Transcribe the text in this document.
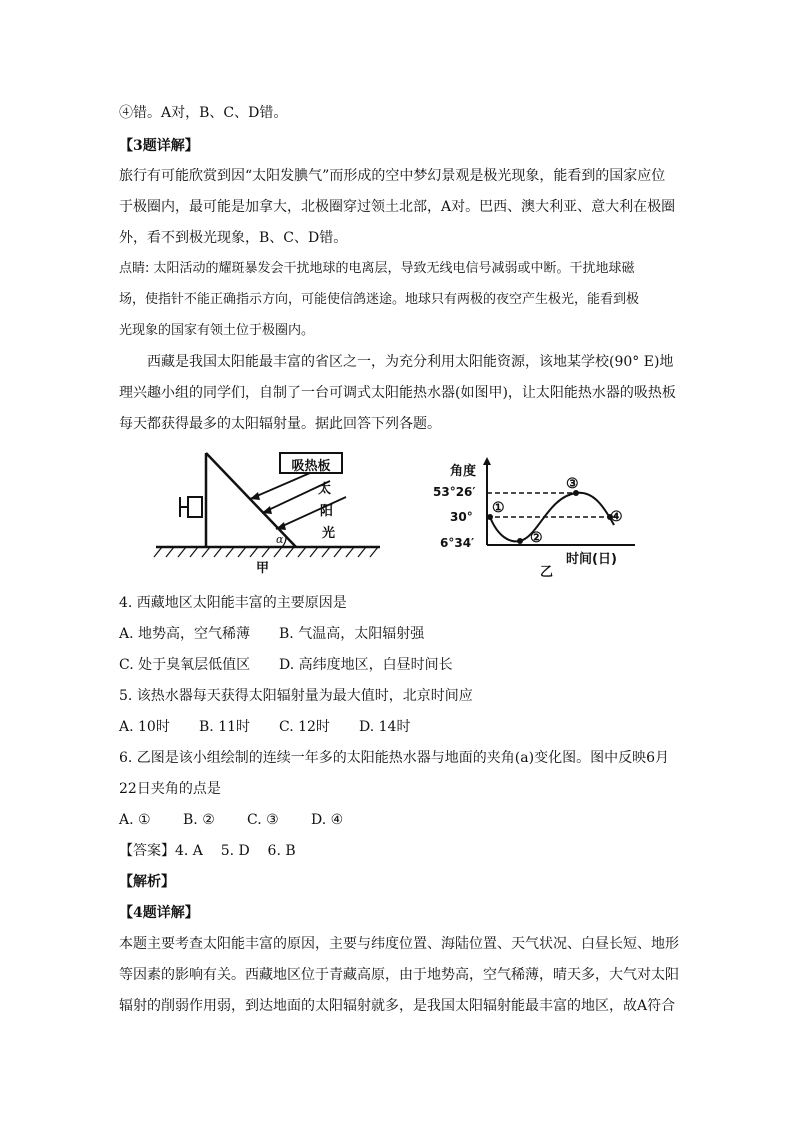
④错。A对，B、C、D错。
【3题详解】
旅行有可能欣赏到因“太阳发腆气”而形成的空中梦幻景观是极光现象，能看到的国家应位
于极圈内，最可能是加拿大，北极圈穿过领土北部，A对。巴西、澳大利亚、意大利在极圈
外，看不到极光现象，B、C、D错。
点睛: 太阳活动的耀斑暴发会干扰地球的电离层，导致无线电信号减弱或中断。干扰地球磁
场，使指针不能正确指示方向，可能使信鸽迷途。地球只有两极的夜空产生极光，能看到极
光现象的国家有领土位于极圈内。
西藏是我国太阳能最丰富的省区之一，为充分利用太阳能资源，该地某学校(90° E)地
理兴趣小组的同学们，自制了一台可调式太阳能热水器(如图甲)，让太阳能热水器的吸热板
每天都获得最多的太阳辐射量。据此回答下列各题。
吸热板
太
阳
光
α
甲
角度
53°26′
30°
6°34′
①
②
③
④
时间(日)
乙
4. 西藏地区太阳能丰富的主要原因是
A. 地势高，空气稀薄 B. 气温高，太阳辐射强
C. 处于臭氧层低值区 D. 高纬度地区，白昼时间长
5. 该热水器每天获得太阳辐射量为最大值时，北京时间应
A. 10时 B. 11时 C. 12时 D. 14时
6. 乙图是该小组绘制的连续一年多的太阳能热水器与地面的夹角(a)变化图。图中反映6月
22日夹角的点是
A. ① B. ② C. ③ D. ④
【答案】4. A    5. D    6. B
【解析】
【4题详解】
本题主要考查太阳能丰富的原因，主要与纬度位置、海陆位置、天气状况、白昼长短、地形
等因素的影响有关。西藏地区位于青藏高原，由于地势高，空气稀薄，晴天多，大气对太阳
辐射的削弱作用弱，到达地面的太阳辐射就多，是我国太阳辐射能最丰富的地区，故A符合
